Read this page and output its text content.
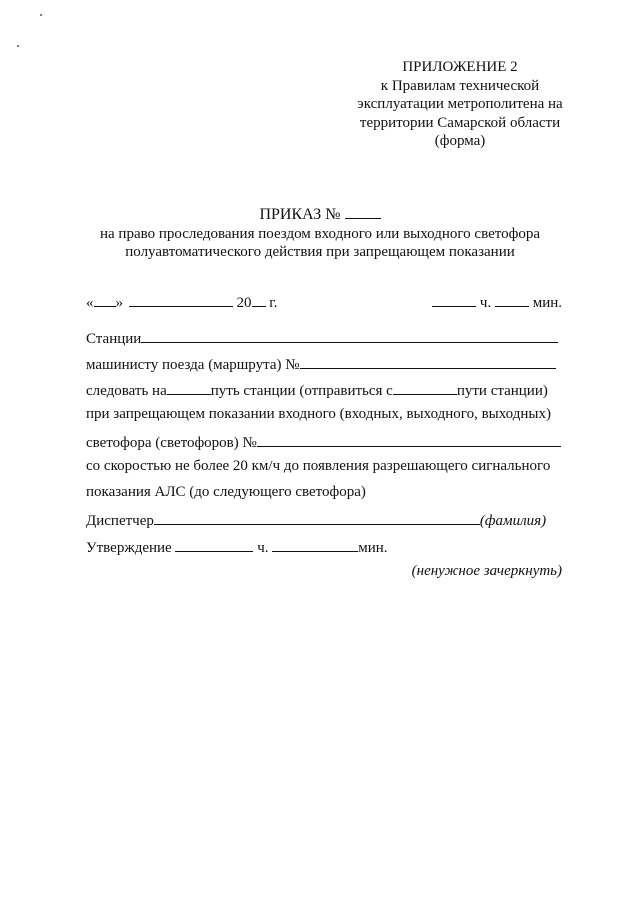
ПРИЛОЖЕНИЕ 2
к Правилам технической
эксплуатации метрополитена на
территории Самарской области
(форма)
ПРИКАЗ №
на право проследования поездом входного или выходного светофора
полуавтоматического действия при запрещающем показании
« »	20 г.	ч.	мин.
Станции
машинисту поезда (маршрута) №
следовать на	путь станции (отправиться с	пути станции)
при запрещающем показании входного (входных, выходного, выходных)
светофора (светофоров) №
со скоростью не более 20 км/ч до появления разрешающего сигнального
показания АЛС (до следующего светофора)
Диспетчер	(фамилия)
Утверждение	ч.	мин.
(ненужное зачеркнуть)
